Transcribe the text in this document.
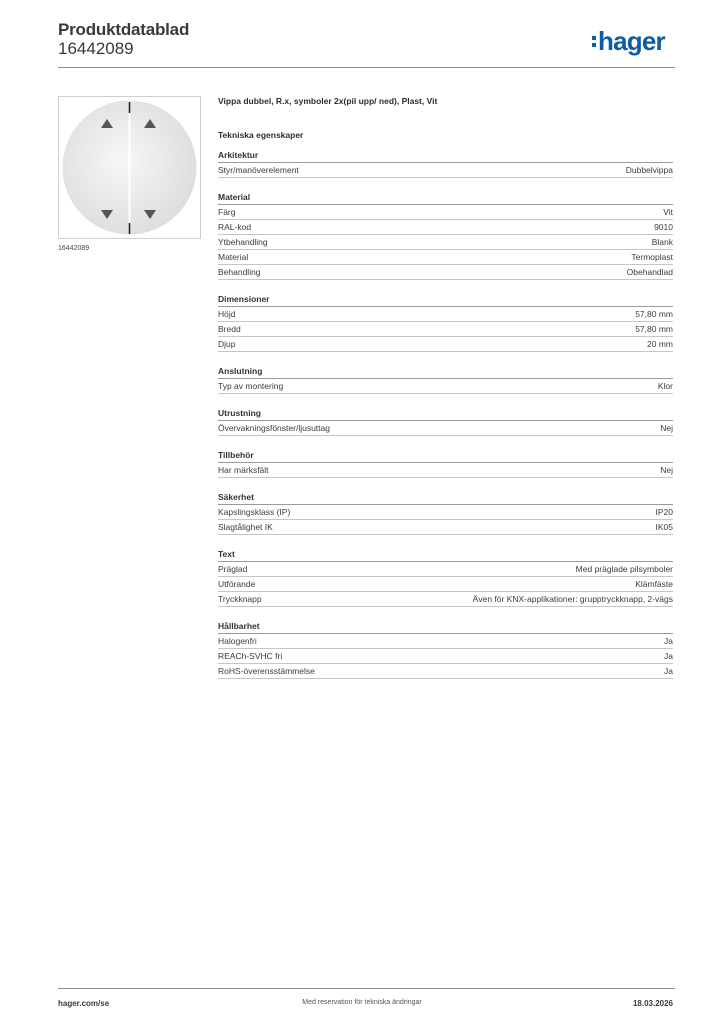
Produktdatablad
16442089	hager
16442089
Vippa dubbel, R.x, symboler 2x(pil upp/ ned), Plast, Vit
Tekniska egenskaper
Arkitektur
Styr/manöverelement	Dubbelvippa
Material
Färg	Vit
RAL-kod	9010
Ytbehandling	Blank
Material	Termoplast
Behandling	Obehandlad
Dimensioner
Höjd	57,80 mm
Bredd	57,80 mm
Djup	20 mm
Anslutning
Typ av montering	Klor
Utrustning
Övervakningsfönster/ljusuttag	Nej
Tillbehör
Har märksfält	Nej
Säkerhet
Kapslingsklass (IP)	IP20
Slagtålighet IK	IK05
Text
Präglad	Med präglade pilsymboler
Utförande	Klämfäste
Tryckknapp	Även för KNX-applikationer: grupptryckknapp, 2-vägs
Hållbarhet
Halogenfri	Ja
REACh-SVHC fri	Ja
RoHS-överensstämmelse	Ja
hager.com/se	Med reservation för tekniska ändringar	18.03.2026
